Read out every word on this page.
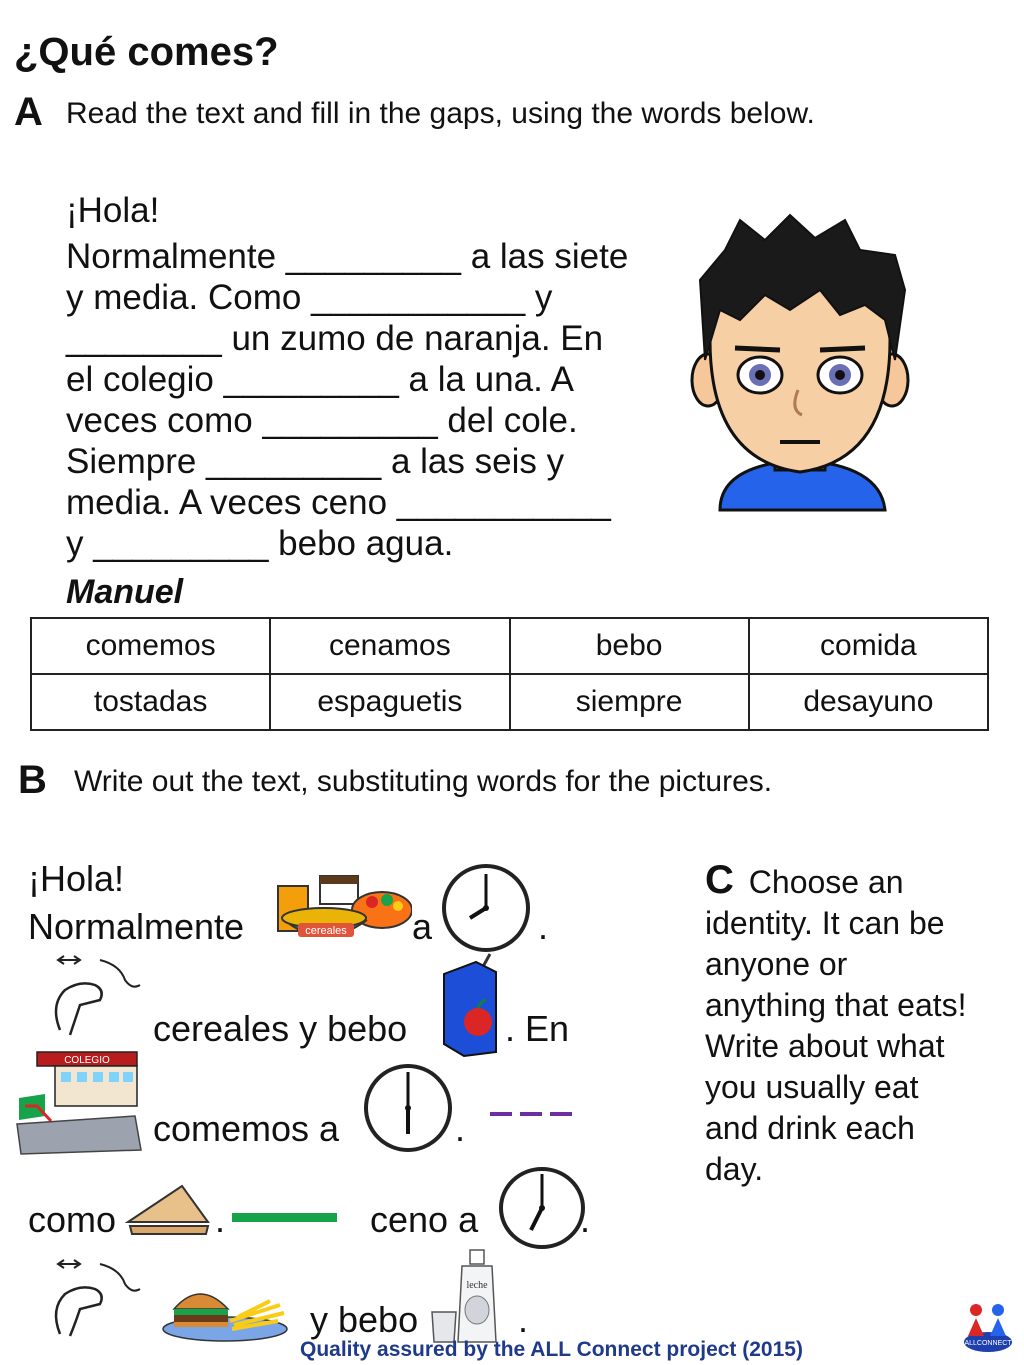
¿Qué comes?
A Read the text and fill in the gaps, using the words below.
¡Hola!
Normalmente _________ a las siete
y media. Como ___________ y
________ un zumo de naranja. En
el colegio _________ a la una. A
veces como _________ del cole.
Siempre _________ a las seis y
media. A veces ceno ___________
y _________ bebo agua.
Manuel
comemos	cenamos	bebo	comida
tostadas	espaguetis	siempre	desayuno
B Write out the text, substituting words for the pictures.
¡Hola!
Normalmente	cereales a	.
cereales y bebo	. En
COLEGIO
comemos a	.
como	.	ceno a	.
y bebo
leche
.
C Choose an
identity. It can be
anyone or
anything that eats!
Write about what
you usually eat
and drink each
day.
Quality assured by the ALL Connect project (2015)	ALLCONNECT
